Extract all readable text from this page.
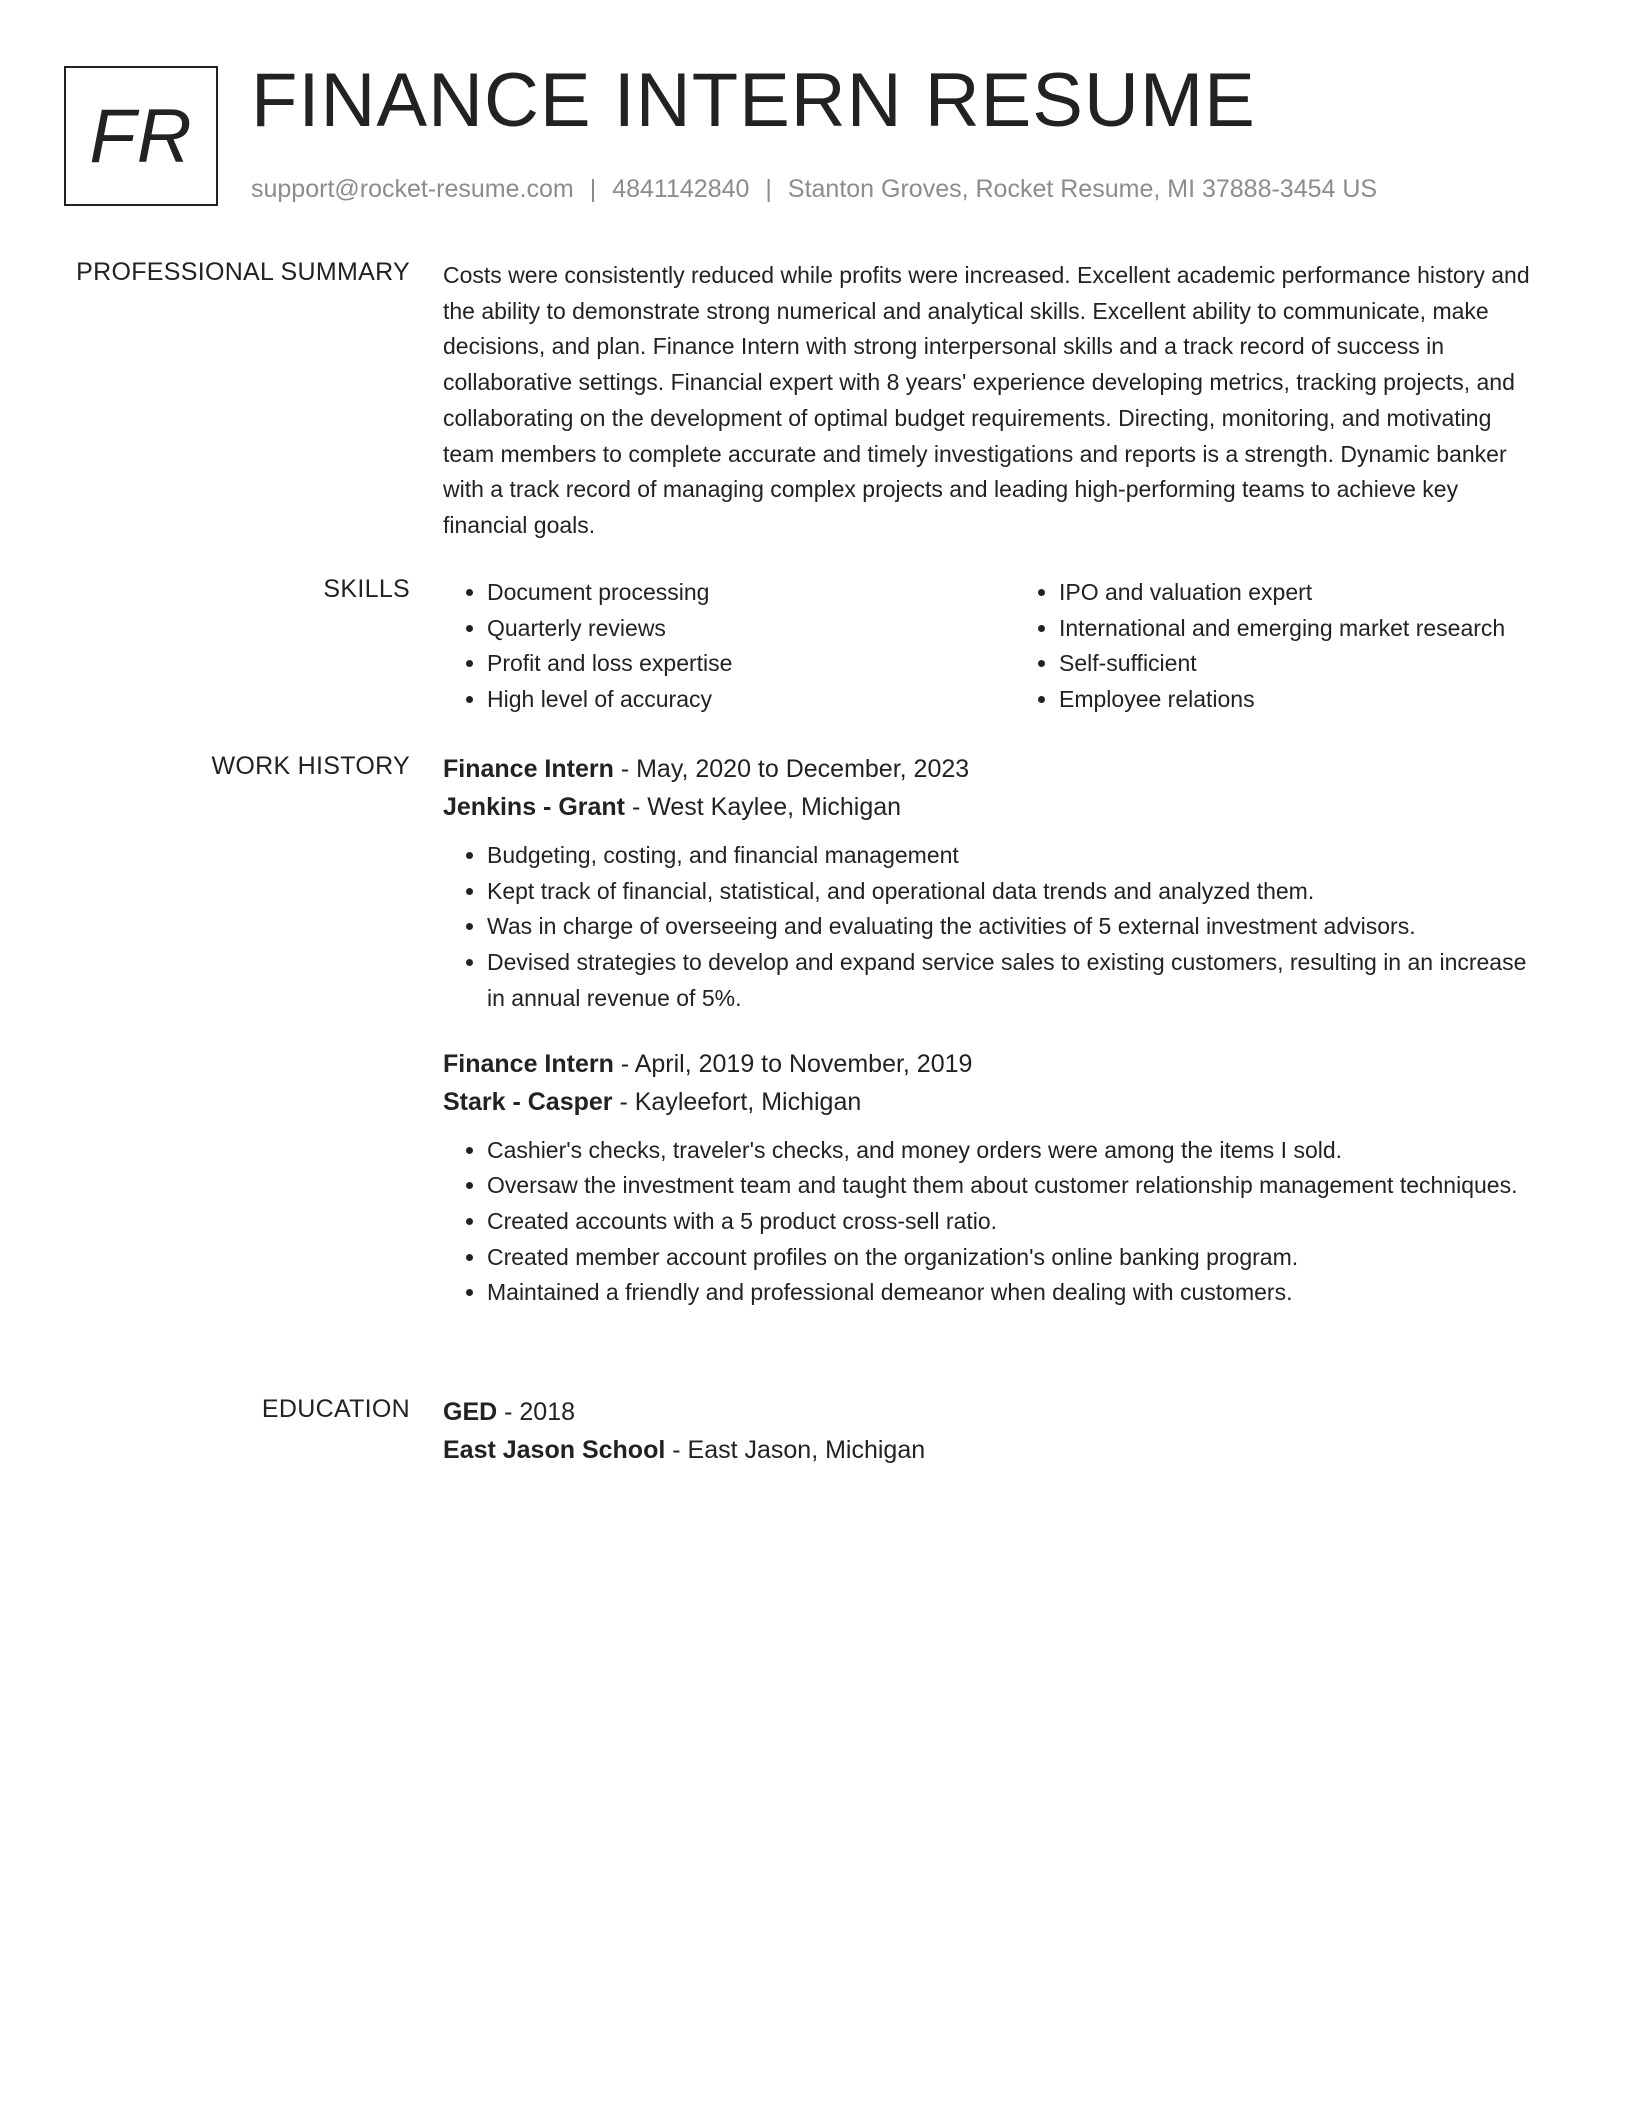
FR FINANCE INTERN RESUME
support@rocket-resume.com | 4841142840 | Stanton Groves, Rocket Resume, MI 37888-3454 US
PROFESSIONAL SUMMARY Costs were consistently reduced while profits were increased. Excellent academic performance history and the ability to demonstrate strong numerical and analytical skills. Excellent ability to communicate, make decisions, and plan. Finance Intern with strong interpersonal skills and a track record of success in collaborative settings. Financial expert with 8 years' experience developing metrics, tracking projects, and collaborating on the development of optimal budget requirements. Directing, monitoring, and motivating team members to complete accurate and timely investigations and reports is a strength. Dynamic banker with a track record of managing complex projects and leading high-performing teams to achieve key financial goals.

SKILLS
•	Document processing
• Quarterly reviews
• Profit and loss expertise
• High level of accuracy
• IPO and valuation expert
• International and emerging market research
• Self-sufficient
• Employee relations
WORK HISTORY Finance Intern - May, 2020 to December, 2023
Jenkins - Grant - West Kaylee, Michigan
• Budgeting, costing, and financial management
• Kept track of financial, statistical, and operational data trends and analyzed them.
• Was in charge of overseeing and evaluating the activities of 5 external investment advisors.
• Devised strategies to develop and expand service sales to existing customers, resulting in an increase in annual revenue of 5%.
Finance Intern - April, 2019 to November, 2019
Stark - Casper - Kayleefort, Michigan
• Cashier's checks, traveler's checks, and money orders were among the items I sold.
• Oversaw the investment team and taught them about customer relationship management techniques.
• Created accounts with a 5 product cross-sell ratio.
• Created member account profiles on the organization's online banking program.
• Maintained a friendly and professional demeanor when dealing with customers.
EDUCATION GED - 2018
East Jason School - East Jason, Michigan
